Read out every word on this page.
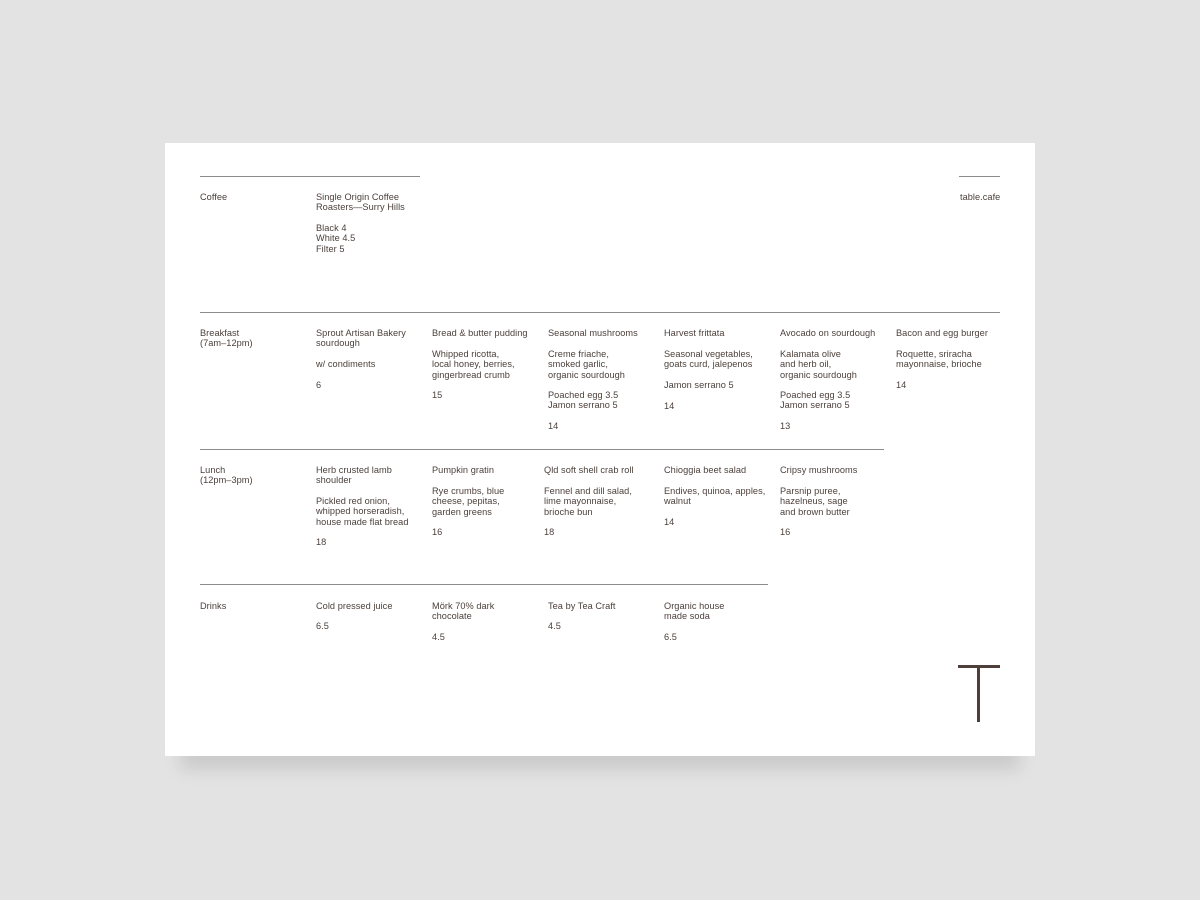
Coffee	Single Origin Coffee
Roasters—Surry Hills
Black 4
White 4.5
Filter 5
table.cafe
Breakfast
(7am–12pm)
Sprout Artisan Bakery
sourdough
w/ condiments
6
Bread & butter pudding
Whipped ricotta,
local honey, berries,
gingerbread crumb
15
Seasonal mushrooms
Creme friache,
smoked garlic,
organic sourdough
Poached egg 3.5
Jamon serrano 5
14
Harvest frittata
Seasonal vegetables,
goats curd, jalepenos
Jamon serrano 5
14
Avocado on sourdough
Kalamata olive
and herb oil,
organic sourdough
Poached egg 3.5
Jamon serrano 5
13
Bacon and egg burger
Roquette, sriracha
mayonnaise, brioche
14
Lunch
(12pm–3pm)
Herb crusted lamb
shoulder
Pickled red onion,
whipped horseradish,
house made flat bread
18
Pumpkin gratin
Rye crumbs, blue
cheese, pepitas,
garden greens
16
Qld soft shell crab roll
Fennel and dill salad,
lime mayonnaise,
brioche bun
18
Chioggia beet salad
Endives, quinoa, apples,
walnut
14
Cripsy mushrooms
Parsnip puree,
hazelneus, sage
and brown butter
16
Drinks	Cold pressed juice
6.5
Mörk 70% dark
chocolate
4.5
Tea by Tea Craft
4.5
Organic house
made soda
6.5
